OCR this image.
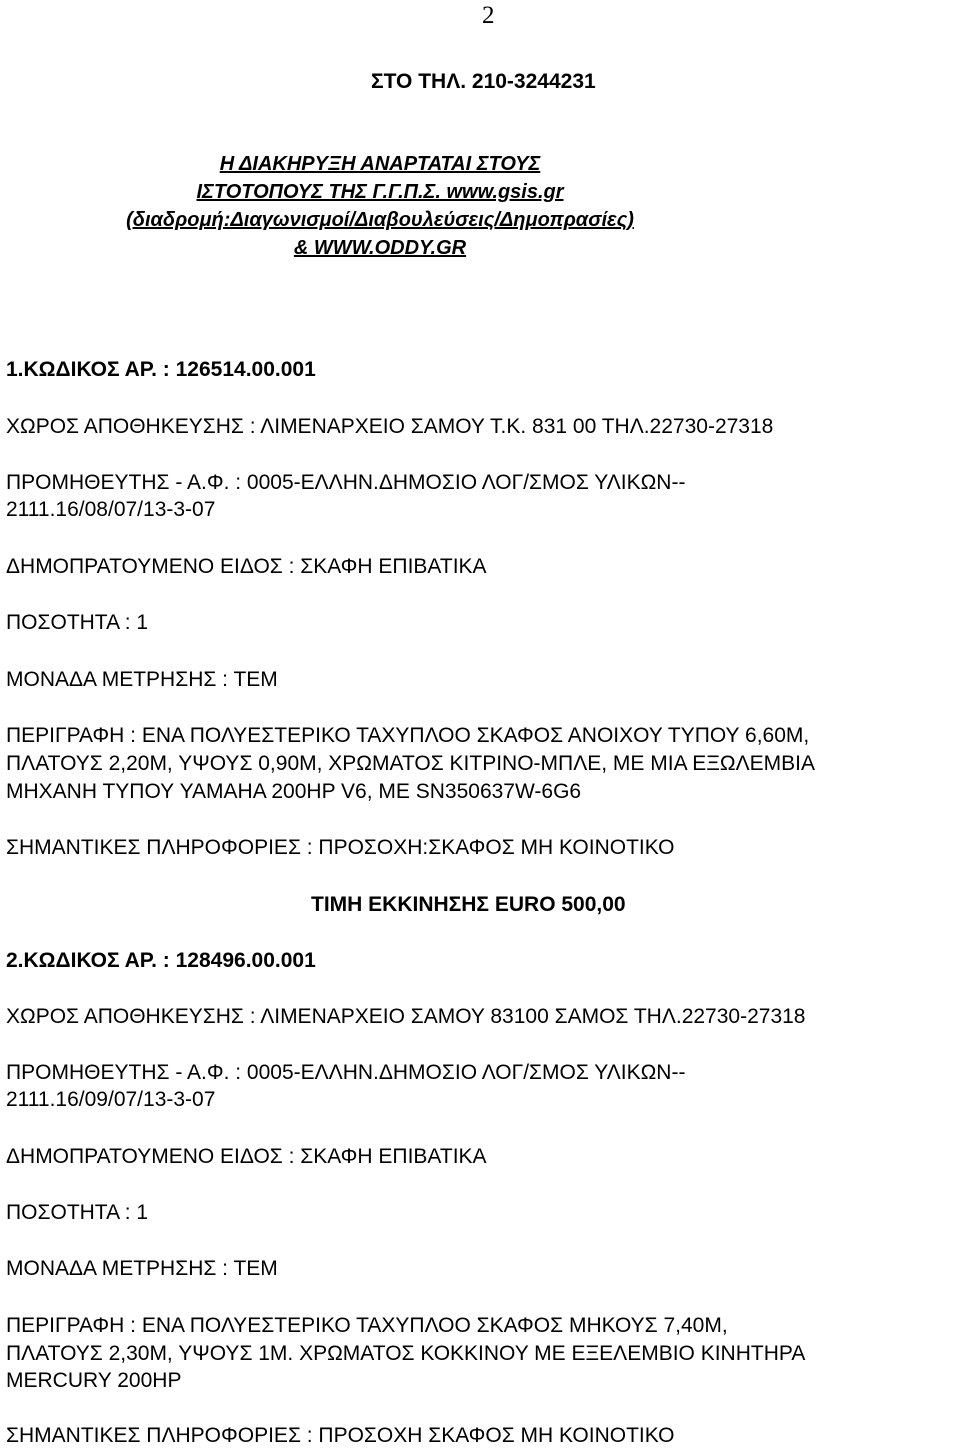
2
ΣΤΟ ΤΗΛ. 210-3244231
Η ΔΙΑΚΗΡΥΞΗ ΑΝΑΡΤΑΤΑΙ ΣΤΟΥΣ
ΙΣΤΟΤΟΠΟΥΣ ΤΗΣ Γ.Γ.Π.Σ. www.gsis.gr
(διαδρομή:Διαγωνισμοί/Διαβουλεύσεις/Δημοπρασίες)
& WWW.ODDY.GR
1.ΚΩΔΙΚΟΣ ΑΡ. : 126514.00.001
ΧΩΡΟΣ ΑΠΟΘΗΚΕΥΣΗΣ : ΛΙΜΕΝΑΡΧΕΙΟ ΣΑΜΟΥ Τ.Κ. 831 00 ΤΗΛ.22730-27318
ΠΡΟΜΗΘΕΥΤΗΣ - Α.Φ. : 0005-ΕΛΛΗΝ.ΔΗΜΟΣΙΟ ΛΟΓ/ΣΜΟΣ ΥΛΙΚΩΝ--
2111.16/08/07/13-3-07
ΔΗΜΟΠΡΑΤΟΥΜΕΝΟ ΕΙΔΟΣ : ΣΚΑΦΗ ΕΠΙΒΑΤΙΚΑ
ΠΟΣΟΤΗΤΑ : 1
ΜΟΝΑΔΑ ΜΕΤΡΗΣΗΣ : ΤΕΜ
ΠΕΡΙΓΡΑΦΗ : ΕΝΑ ΠΟΛΥΕΣΤΕΡΙΚΟ ΤΑΧΥΠΛΟΟ ΣΚΑΦΟΣ ΑΝΟΙΧΟΥ ΤΥΠΟΥ 6,60Μ,
ΠΛΑΤΟΥΣ 2,20Μ, ΥΨΟΥΣ 0,90Μ, ΧΡΩΜΑΤΟΣ ΚΙΤΡΙΝΟ-ΜΠΛΕ, ΜΕ ΜΙΑ ΕΞΩΛΕΜΒΙΑ
ΜΗΧΑΝΗ ΤΥΠΟΥ YAMAHA 200HP V6, ΜΕ SN350637W-6G6
ΣΗΜΑΝΤΙΚΕΣ ΠΛΗΡΟΦΟΡΙΕΣ : ΠΡΟΣΟΧΗ:ΣΚΑΦΟΣ ΜΗ ΚΟΙΝΟΤΙΚΟ
ΤΙΜΗ ΕΚΚΙΝΗΣΗΣ EURO 500,00
2.ΚΩΔΙΚΟΣ ΑΡ. : 128496.00.001
ΧΩΡΟΣ ΑΠΟΘΗΚΕΥΣΗΣ : ΛΙΜΕΝΑΡΧΕΙΟ ΣΑΜΟΥ 83100 ΣΑΜΟΣ ΤΗΛ.22730-27318
ΠΡΟΜΗΘΕΥΤΗΣ - Α.Φ. : 0005-ΕΛΛΗΝ.ΔΗΜΟΣΙΟ ΛΟΓ/ΣΜΟΣ ΥΛΙΚΩΝ--
2111.16/09/07/13-3-07
ΔΗΜΟΠΡΑΤΟΥΜΕΝΟ ΕΙΔΟΣ : ΣΚΑΦΗ ΕΠΙΒΑΤΙΚΑ
ΠΟΣΟΤΗΤΑ : 1
ΜΟΝΑΔΑ ΜΕΤΡΗΣΗΣ : ΤΕΜ
ΠΕΡΙΓΡΑΦΗ : ΕΝΑ ΠΟΛΥΕΣΤΕΡΙΚΟ ΤΑΧΥΠΛΟΟ ΣΚΑΦΟΣ ΜΗΚΟΥΣ 7,40Μ,
ΠΛΑΤΟΥΣ 2,30Μ, ΥΨΟΥΣ 1Μ. ΧΡΩΜΑΤΟΣ ΚΟΚΚΙΝΟΥ ΜΕ ΕΞΕΛΕΜΒΙΟ ΚΙΝΗΤΗΡΑ
MERCURY 200HP
ΣΗΜΑΝΤΙΚΕΣ ΠΛΗΡΟΦΟΡΙΕΣ : ΠΡΟΣΟΧΗ ΣΚΑΦΟΣ ΜΗ ΚΟΙΝΟΤΙΚΟ
